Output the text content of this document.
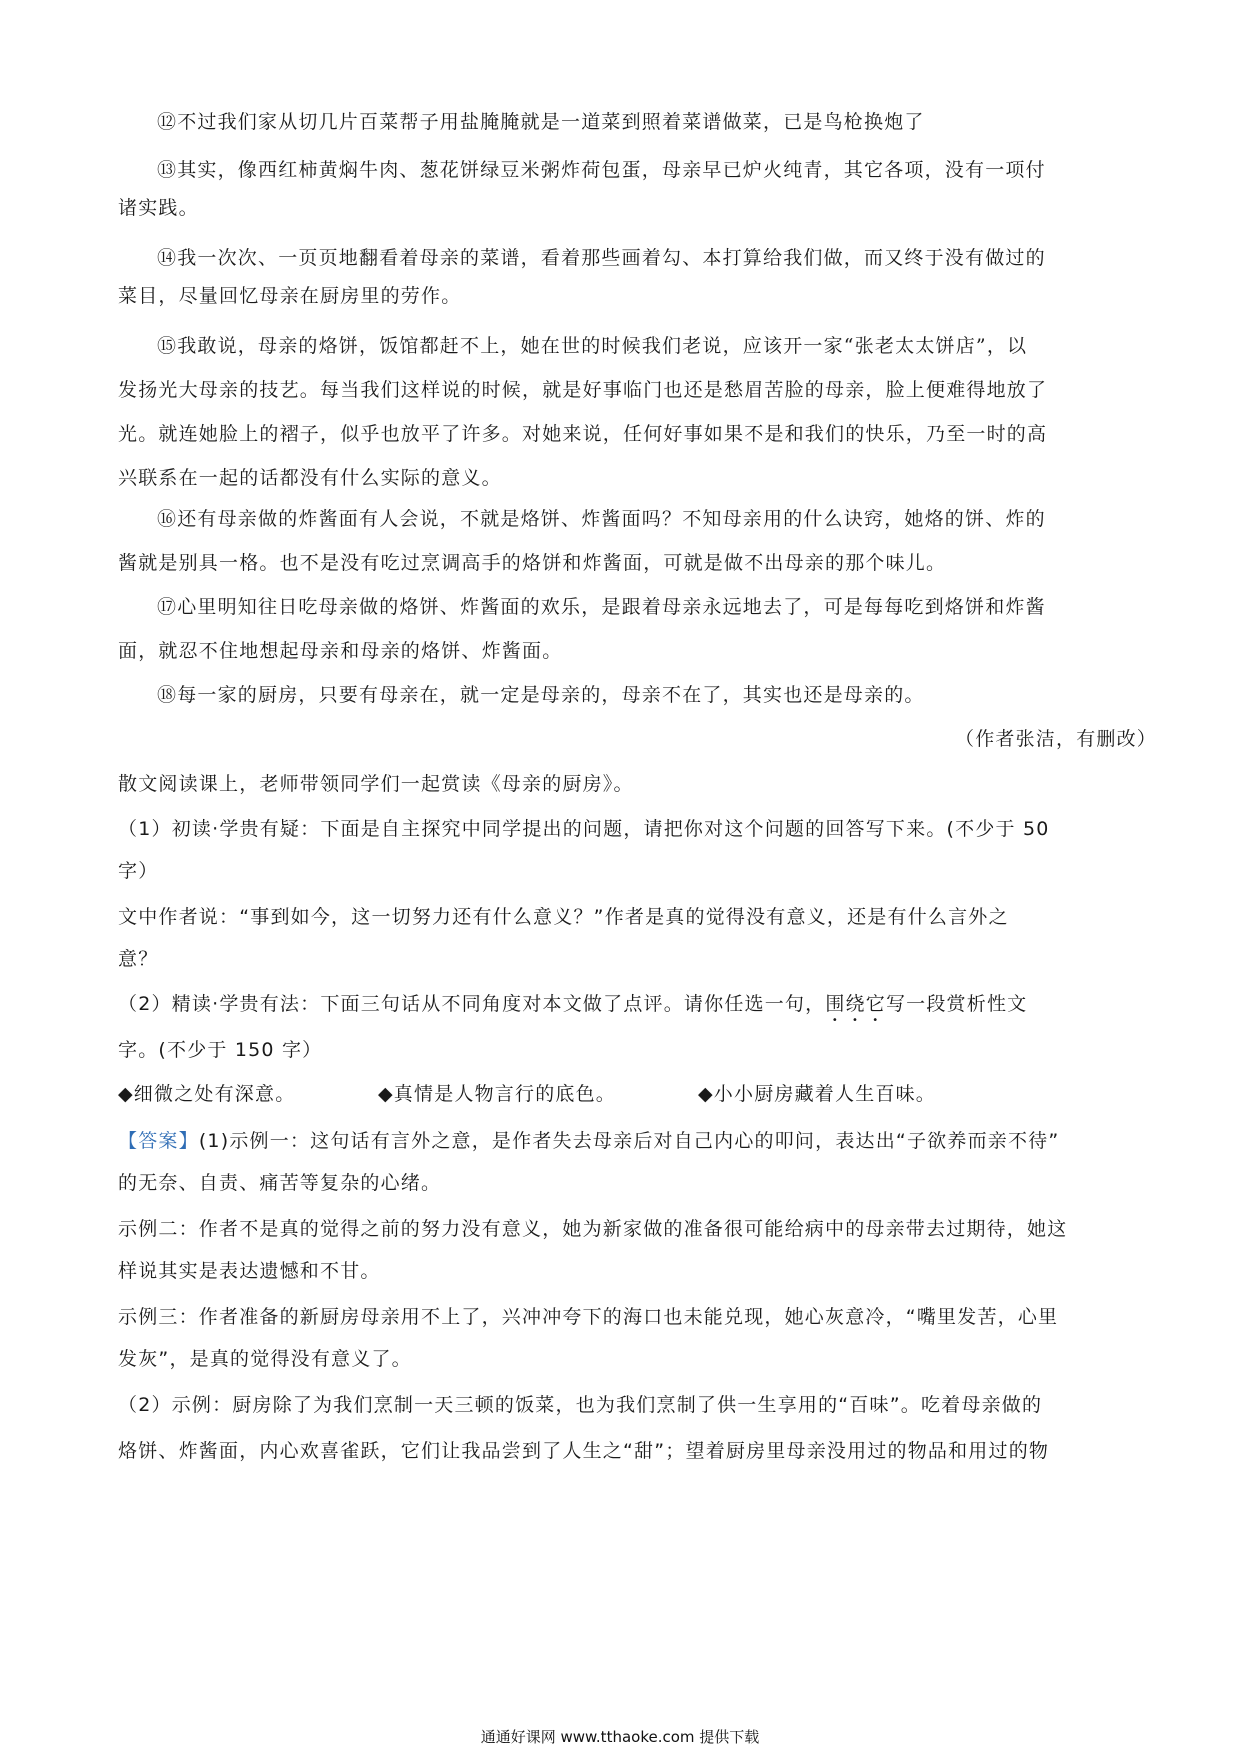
⑫不过我们家从切几片百菜帮子用盐腌腌就是一道菜到照着菜谱做菜，已是鸟枪换炮了
⑬其实，像西红柿黄焖牛肉、葱花饼绿豆米粥炸荷包蛋，母亲早已炉火纯青，其它各项，没有一项付
诸实践。
⑭我一次次、一页页地翻看着母亲的菜谱，看着那些画着勾、本打算给我们做，而又终于没有做过的
菜目，尽量回忆母亲在厨房里的劳作。
⑮我敢说，母亲的烙饼，饭馆都赶不上，她在世的时候我们老说，应该开一家“张老太太饼店”，以
发扬光大母亲的技艺。每当我们这样说的时候，就是好事临门也还是愁眉苦脸的母亲，脸上便难得地放了
光。就连她脸上的褶子，似乎也放平了许多。对她来说，任何好事如果不是和我们的快乐，乃至一时的高
兴联系在一起的话都没有什么实际的意义。
⑯还有母亲做的炸酱面有人会说，不就是烙饼、炸酱面吗？不知母亲用的什么诀窍，她烙的饼、炸的
酱就是别具一格。也不是没有吃过烹调高手的烙饼和炸酱面，可就是做不出母亲的那个味儿。
⑰心里明知往日吃母亲做的烙饼、炸酱面的欢乐，是跟着母亲永远地去了，可是每每吃到烙饼和炸酱
面，就忍不住地想起母亲和母亲的烙饼、炸酱面。
⑱每一家的厨房，只要有母亲在，就一定是母亲的，母亲不在了，其实也还是母亲的。
（作者张洁，有删改）
散文阅读课上，老师带领同学们一起赏读《母亲的厨房》。
（1）初读·学贵有疑：下面是自主探究中同学提出的问题，请把你对这个问题的回答写下来。(不少于 50
字）
文中作者说：“事到如今，这一切努力还有什么意义？”作者是真的觉得没有意义，还是有什么言外之
意？
（2）精读·学贵有法：下面三句话从不同角度对本文做了点评。请你任选一句，围绕它写一段赏析性文
字。(不少于 150 字）
◆细微之处有深意。	◆真情是人物言行的底色。	◆小小厨房藏着人生百味。
【答案】(1)示例一：这句话有言外之意，是作者失去母亲后对自己内心的叩问，表达出“子欲养而亲不待”
的无奈、自责、痛苦等复杂的心绪。
示例二：作者不是真的觉得之前的努力没有意义，她为新家做的准备很可能给病中的母亲带去过期待，她这
样说其实是表达遗憾和不甘。
示例三：作者准备的新厨房母亲用不上了，兴冲冲夸下的海口也未能兑现，她心灰意冷，“嘴里发苦，心里
发灰”，是真的觉得没有意义了。
（2）示例：厨房除了为我们烹制一天三顿的饭菜，也为我们烹制了供一生享用的“百味”。吃着母亲做的
烙饼、炸酱面，内心欢喜雀跃，它们让我品尝到了人生之“甜”；望着厨房里母亲没用过的物品和用过的物
通通好课网 www.tthaoke.com 提供下载
